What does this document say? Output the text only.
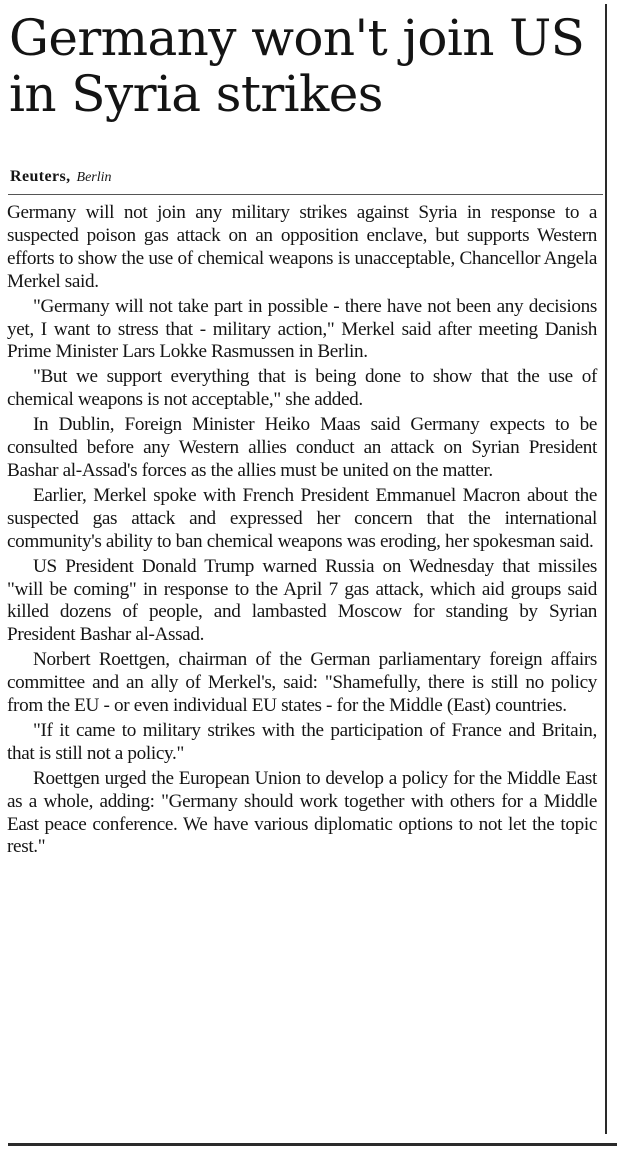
Germany won't join US in Syria strikes
Reuters, Berlin

Germany will not join any military strikes against Syria in response to a suspected poison gas attack on an opposition enclave, but supports Western efforts to show the use of chemical weapons is unacceptable, Chancellor Angela Merkel said.

"Germany will not take part in possible - there have not been any decisions yet, I want to stress that - military action," Merkel said after meeting Danish Prime Minister Lars Lokke Rasmussen in Berlin.

"But we support everything that is being done to show that the use of chemical weapons is not acceptable," she added.

In Dublin, Foreign Minister Heiko Maas said Germany expects to be consulted before any Western allies conduct an attack on Syrian President Bashar al-Assad's forces as the allies must be united on the matter.

Earlier, Merkel spoke with French President Emmanuel Macron about the suspected gas attack and expressed her concern that the international community's ability to ban chemical weapons was eroding, her spokesman said.

US President Donald Trump warned Russia on Wednesday that missiles "will be coming" in response to the April 7 gas attack, which aid groups said killed dozens of people, and lambasted Moscow for standing by Syrian President Bashar al-Assad.

Norbert Roettgen, chairman of the German parliamentary foreign affairs committee and an ally of Merkel's, said: "Shamefully, there is still no policy from the EU - or even individual EU states - for the Middle (East) countries.

"If it came to military strikes with the participation of France and Britain, that is still not a policy."

Roettgen urged the European Union to develop a policy for the Middle East as a whole, adding: "Germany should work together with others for a Middle East peace conference. We have various diplomatic options to not let the topic rest."
